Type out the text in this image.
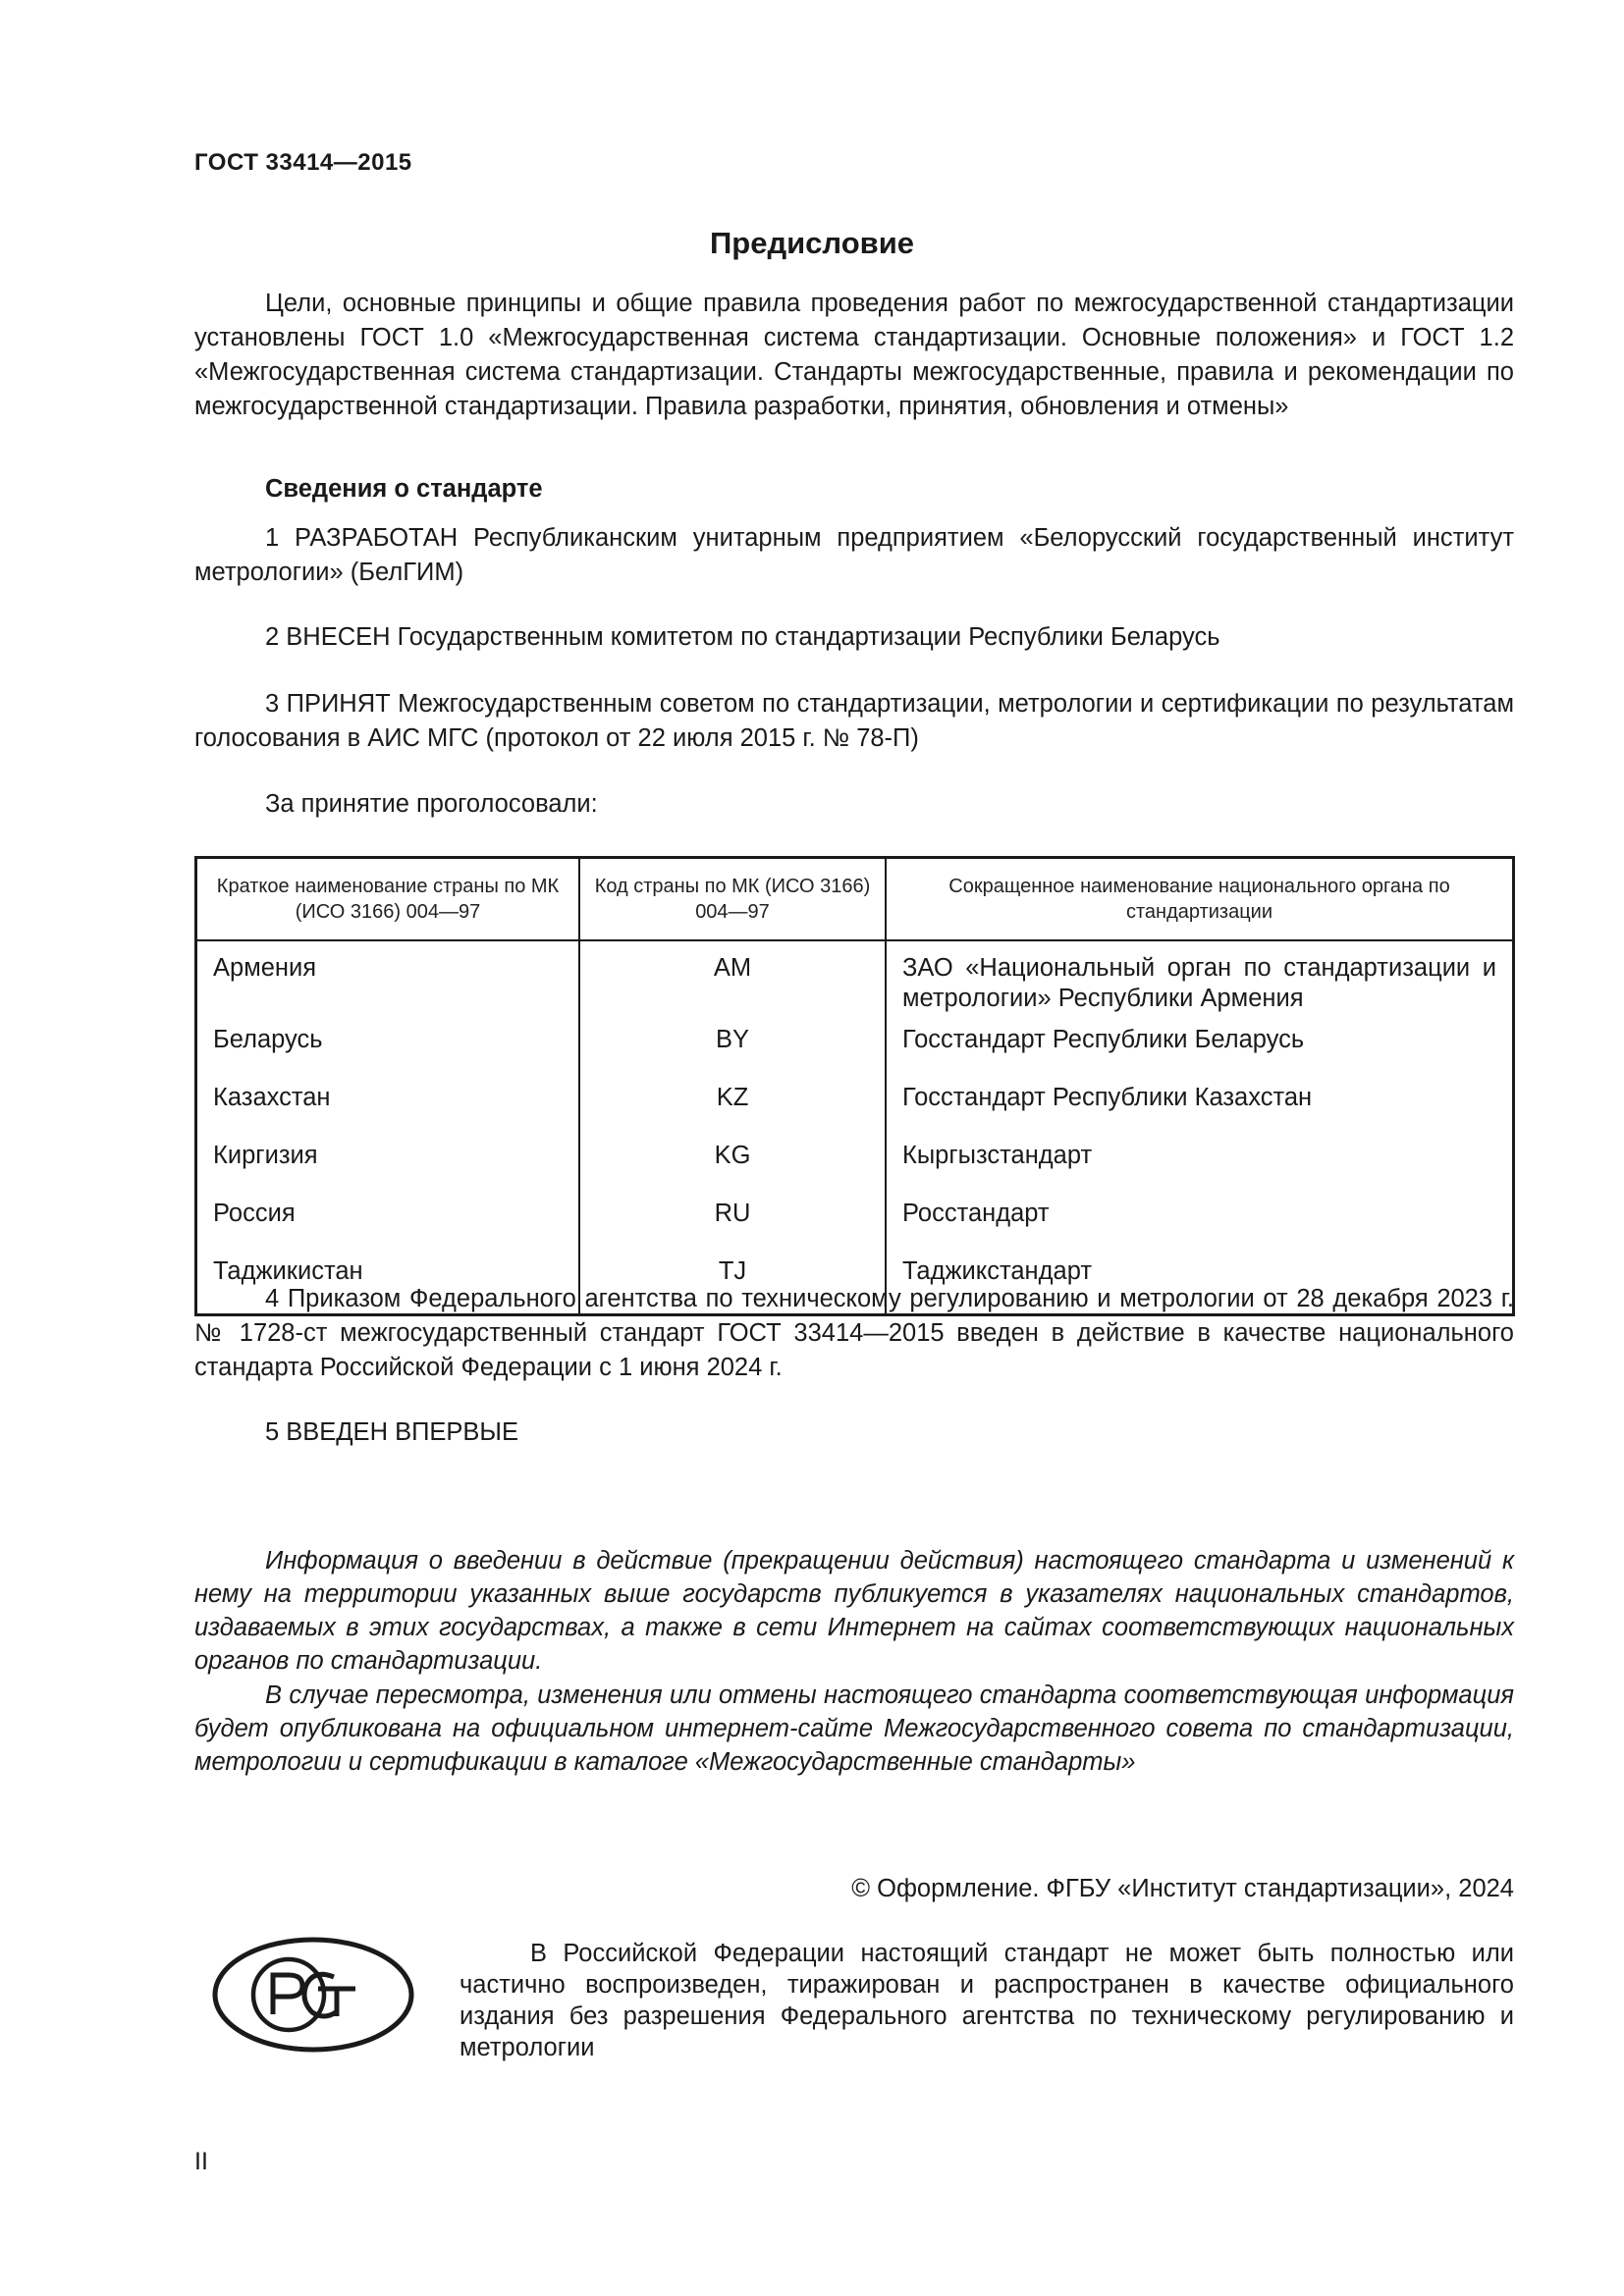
ГОСТ 33414—2015
Предисловие

Цели, основные принципы и общие правила проведения работ по межгосударственной стандартизации установлены ГОСТ 1.0 «Межгосударственная система стандартизации. Основные положения» и ГОСТ 1.2 «Межгосударственная система стандартизации. Стандарты межгосударственные, правила и рекомендации по межгосударственной стандартизации. Правила разработки, принятия, обновления и отмены»

Сведения о стандарте

1 РАЗРАБОТАН Республиканским унитарным предприятием «Белорусский государственный институт метрологии» (БелГИМ)

2 ВНЕСЕН Государственным комитетом по стандартизации Республики Беларусь

3 ПРИНЯТ Межгосударственным советом по стандартизации, метрологии и сертификации по результатам голосования в АИС МГС (протокол от 22 июля 2015 г. № 78-П)

За принятие проголосовали:

Краткое наименование страны по МК (ИСО 3166) 004—97	Код страны по МК (ИСО 3166) 004—97	Сокращенное наименование национального органа по стандартизации
Армения	AM	ЗАО «Национальный орган по стандартизации и метрологии» Республики Армения
Беларусь	BY	Госстандарт Республики Беларусь
Казахстан	KZ	Госстандарт Республики Казахстан
Киргизия	KG	Кыргызстандарт
Россия	RU	Росстандарт
Таджикистан	TJ	Таджикстандарт

4 Приказом Федерального агентства по техническому регулированию и метрологии от 28 декабря 2023 г. № 1728-ст межгосударственный стандарт ГОСТ 33414—2015 введен в действие в качестве национального стандарта Российской Федерации с 1 июня 2024 г.

5 ВВЕДЕН ВПЕРВЫЕ

Информация о введении в действие (прекращении действия) настоящего стандарта и изменений к нему на территории указанных выше государств публикуется в указателях национальных стандартов, издаваемых в этих государствах, а также в сети Интернет на сайтах соответствующих национальных органов по стандартизации.

В случае пересмотра, изменения или отмены настоящего стандарта соответствующая информация будет опубликована на официальном интернет-сайте Межгосударственного совета по стандартизации, метрологии и сертификации в каталоге «Межгосударственные стандарты»

© Оформление. ФГБУ «Институт стандартизации», 2024

В Российской Федерации настоящий стандарт не может быть полностью или частично воспроизведен, тиражирован и распространен в качестве официального издания без разрешения Федерального агентства по техническому регулированию и метрологии

II
